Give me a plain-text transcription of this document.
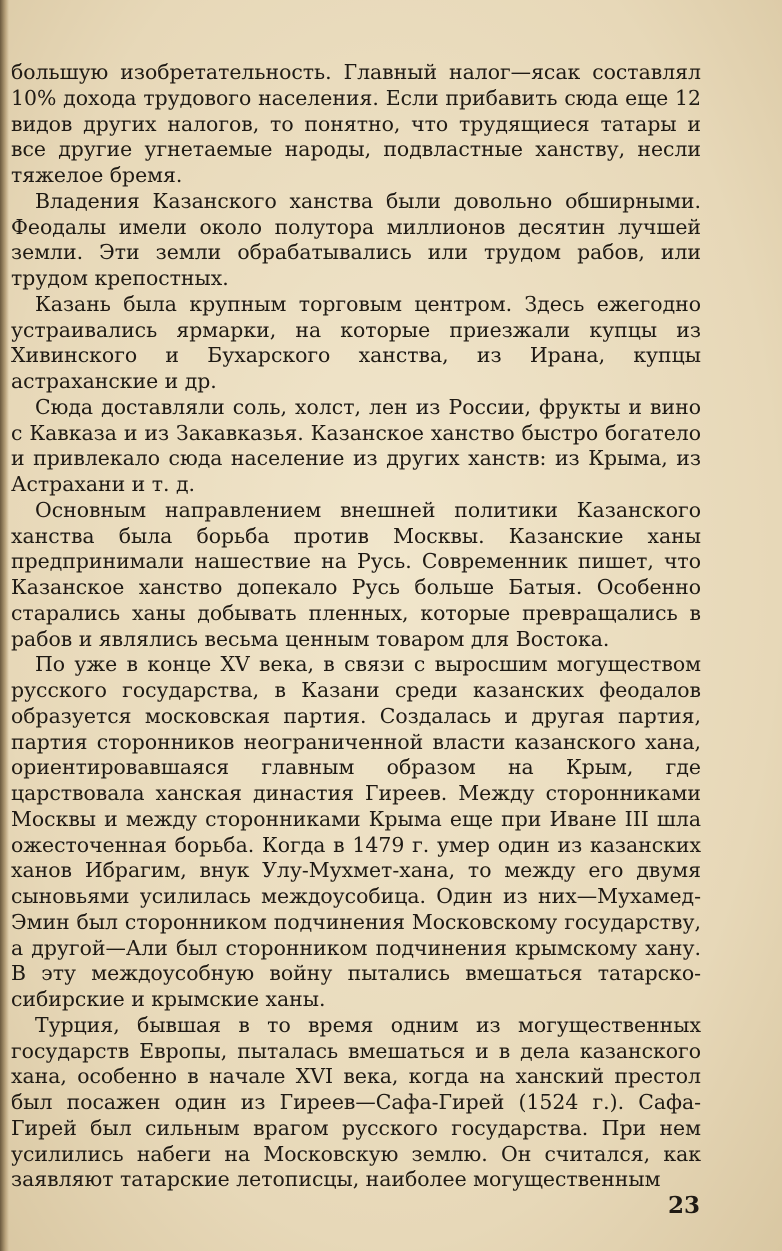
большую изобретательность. Главный налог—ясак составлял 10% дохода трудового населения. Если прибавить сюда еще 12 видов других налогов, то понятно, что трудящиеся татары и все другие угнетаемые народы, подвластные ханству, несли тяжелое бремя.

Владения Казанского ханства были довольно обширными. Феодалы имели около полутора миллионов десятин лучшей земли. Эти земли обрабатывались или трудом рабов, или трудом крепостных.

Казань была крупным торговым центром. Здесь ежегодно устраивались ярмарки, на которые приезжали купцы из Хивинского и Бухарского ханства, из Ирана, купцы астраханские и др.

Сюда доставляли соль, холст, лен из России, фрукты и вино с Кавказа и из Закавказья. Казанское ханство быстро богатело и привлекало сюда население из других ханств: из Крыма, из Астрахани и т. д.

Основным направлением внешней политики Казанского ханства была борьба против Москвы. Казанские ханы предпринимали нашествие на Русь. Современник пишет, что Казанское ханство допекало Русь больше Батыя. Особенно старались ханы добывать пленных, которые превращались в рабов и являлись весьма ценным товаром для Востока.

По уже в конце XV века, в связи с выросшим могуществом русского государства, в Казани среди казанских феодалов образуется московская партия. Создалась и другая партия, партия сторонников неограниченной власти казанского хана, ориентировавшаяся главным образом на Крым, где царствовала ханская династия Гиреев. Между сторонниками Москвы и между сторонниками Крыма еще при Иване III шла ожесточенная борьба. Когда в 1479 г. умер один из казанских ханов Ибрагим, внук Улу-Мухмет-хана, то между его двумя сыновьями усилилась междоусобица. Один из них—Мухамед-Эмин был сторонником подчинения Московскому государству, а другой—Али был сторонником подчинения крымскому хану. В эту междоусобную войну пытались вмешаться татарско-сибирские и крымские ханы.

Турция, бывшая в то время одним из могущественных государств Европы, пыталась вмешаться и в дела казанского хана, особенно в начале XVI века, когда на ханский престол был посажен один из Гиреев—Сафа-Гирей (1524 г.). Сафа-Гирей был сильным врагом русского государства. При нем усилились набеги на Московскую землю. Он считался, как заявляют татарские летописцы, наиболее могущественным

23
